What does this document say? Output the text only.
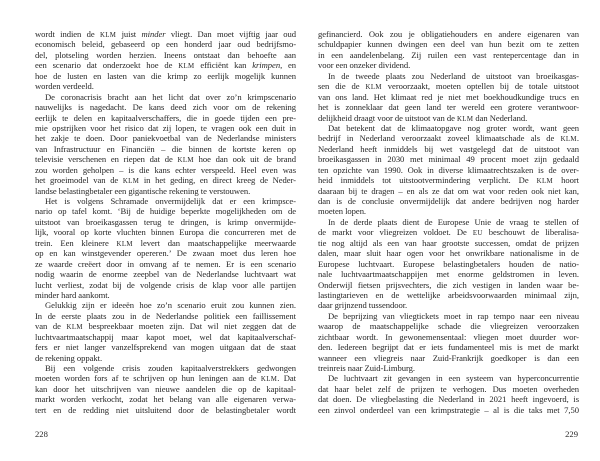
wordt indien de KLM juist minder vliegt. Dan moet vijftig jaar oud
economisch beleid, gebaseerd op een honderd jaar oud bedrijfsmo-
del, plotseling worden herzien. Ineens ontstaat dan behoefte aan
een scenario dat onderzoekt hoe de KLM efficiënt kan krimpen, en
hoe de lusten en lasten van die krimp zo eerlijk mogelijk kunnen
worden verdeeld.
De coronacrisis bracht aan het licht dat over zo’n krimpscenario
nauwelijks is nagedacht. De kans deed zich voor om de rekening
eerlijk te delen en kapitaalverschaffers, die in goede tijden een pre-
mie opstrijken voor het risico dat zij lopen, te vragen ook een duit in
het zakje te doen. Door paniekvoetbal van de Nederlandse ministers
van Infrastructuur en Financiën – die binnen de kortste keren op
televisie verschenen en riepen dat de KLM hoe dan ook uit de brand
zou worden geholpen – is die kans echter verspeeld. Heel even was
het groeimodel van de KLM in het geding, en direct kreeg de Neder-
landse belastingbetaler een gigantische rekening te verstouwen.
Het is volgens Schramade onvermijdelijk dat er een krimpsce-
nario op tafel komt. ‘Bij de huidige beperkte mogelijkheden om de
uitstoot van broeikasgassen terug te dringen, is krimp onvermijde-
lijk, vooral op korte vluchten binnen Europa die concurreren met de
trein. Een kleinere KLM levert dan maatschappelijke meerwaarde
op en kan winstgevender opereren.’ De zwaan moet dus leren hoe
ze waarde creëert door in omvang af te nemen. Er is een scenario
nodig waarin de enorme zeepbel van de Nederlandse luchtvaart wat
lucht verliest, zodat bij de volgende crisis de klap voor alle partijen
minder hard aankomt.
Gelukkig zijn er ideeën hoe zo’n scenario eruit zou kunnen zien.
In de eerste plaats zou in de Nederlandse politiek een faillissement
van de KLM bespreekbaar moeten zijn. Dat wil niet zeggen dat de
luchtvaartmaatschappij maar kapot moet, wel dat kapitaalverschaf-
fers er niet langer vanzelfsprekend van mogen uitgaan dat de staat
de rekening oppakt.
Bij een volgende crisis zouden kapitaalverstrekkers gedwongen
moeten worden fors af te schrijven op hun leningen aan de KLM. Dat
kan door het uitschrijven van nieuwe aandelen die op de kapitaal-
markt worden verkocht, zodat het belang van alle eigenaren verwa-
tert en de redding niet uitsluitend door de belastingbetaler wordt
gefinancierd. Ook zou je obligatiehouders en andere eigenaren van
schuldpapier kunnen dwingen een deel van hun bezit om te zetten
in een aandelenbelang. Zij ruilen een vast rentepercentage dan in
voor een onzeker dividend.
In de tweede plaats zou Nederland de uitstoot van broeikasgas-
sen die de KLM veroorzaakt, moeten optellen bij de totale uitstoot
van ons land. Het klimaat red je niet met boekhoudkundige trucs en
het is zonneklaar dat geen land ter wereld een grotere verantwoor-
delijkheid draagt voor de uitstoot van de KLM dan Nederland.
Dat betekent dat de klimaatopgave nog groter wordt, want geen
bedrijf in Nederland veroorzaakt zoveel klimaatschade als de KLM.
Nederland heeft inmiddels bij wet vastgelegd dat de uitstoot van
broeikasgassen in 2030 met minimaal 49 procent moet zijn gedaald
ten opzichte van 1990. Ook in diverse klimaatrechtszaken is de over-
heid inmiddels tot uitstootvermindering verplicht. De KLM hoort
daaraan bij te dragen – en als ze dat om wat voor reden ook niet kan,
dan is de conclusie onvermijdelijk dat andere bedrijven nog harder
moeten lopen.
In de derde plaats dient de Europese Unie de vraag te stellen of
de markt voor vliegreizen voldoet. De EU beschouwt de liberalisa-
tie nog altijd als een van haar grootste successen, omdat de prijzen
dalen, maar sluit haar ogen voor het onwrikbare nationalisme in de
Europese luchtvaart. Europese belastingbetalers houden de natio-
nale luchtvaartmaatschappijen met enorme geldstromen in leven.
Onderwijl fietsen prijsvechters, die zich vestigen in landen waar be-
lastingtarieven en de wettelijke arbeidsvoorwaarden minimaal zijn,
daar grijnzend tussendoor.
De beprijzing van vliegtickets moet in rap tempo naar een niveau
waarop de maatschappelijke schade die vliegreizen veroorzaken
zichtbaar wordt. In gewonemensentaal: vliegen moet duurder wor-
den. Iedereen begrijpt dat er iets fundamenteel mis is met de markt
wanneer een vliegreis naar Zuid-Frankrijk goedkoper is dan een
treinreis naar Zuid-Limburg.
De luchtvaart zit gevangen in een systeem van hyperconcurrentie
dat haar belet zelf de prijzen te verhogen. Dus moeten overheden
dat doen. De vliegbelasting die Nederland in 2021 heeft ingevoerd, is
een zinvol onderdeel van een krimpstrategie – al is die taks met 7,50
228	229
